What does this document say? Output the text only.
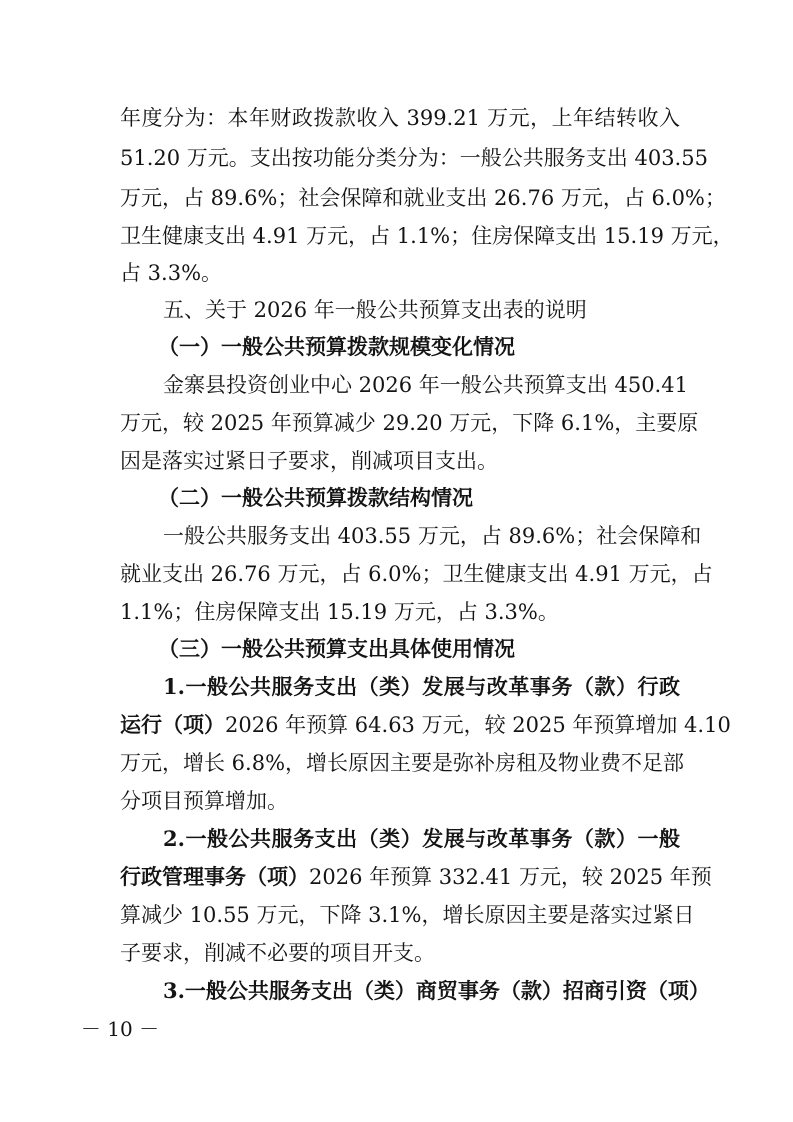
年度分为：本年财政拨款收入 399.21 万元，上年结转收入
51.20 万元。支出按功能分类分为：一般公共服务支出 403.55
万元，占 89.6%；社会保障和就业支出 26.76 万元，占 6.0%；
卫生健康支出 4.91 万元，占 1.1%；住房保障支出 15.19 万元，
占 3.3%。
五、关于 2026 年一般公共预算支出表的说明
（一）一般公共预算拨款规模变化情况
金寨县投资创业中心 2026 年一般公共预算支出 450.41
万元，较 2025 年预算减少 29.20 万元，下降 6.1%，主要原
因是落实过紧日子要求，削减项目支出。
（二）一般公共预算拨款结构情况
一般公共服务支出 403.55 万元，占 89.6%；社会保障和
就业支出 26.76 万元，占 6.0%；卫生健康支出 4.91 万元，占
1.1%；住房保障支出 15.19 万元，占 3.3%。
（三）一般公共预算支出具体使用情况
1.一般公共服务支出（类）发展与改革事务（款）行政
运行（项）2026 年预算 64.63 万元，较 2025 年预算增加 4.10
万元，增长 6.8%，增长原因主要是弥补房租及物业费不足部
分项目预算增加。
2.一般公共服务支出（类）发展与改革事务（款）一般
行政管理事务（项）2026 年预算 332.41 万元，较 2025 年预
算减少 10.55 万元，下降 3.1%，增长原因主要是落实过紧日
子要求，削减不必要的项目开支。
3.一般公共服务支出（类）商贸事务（款）招商引资（项）
－ 10 －
